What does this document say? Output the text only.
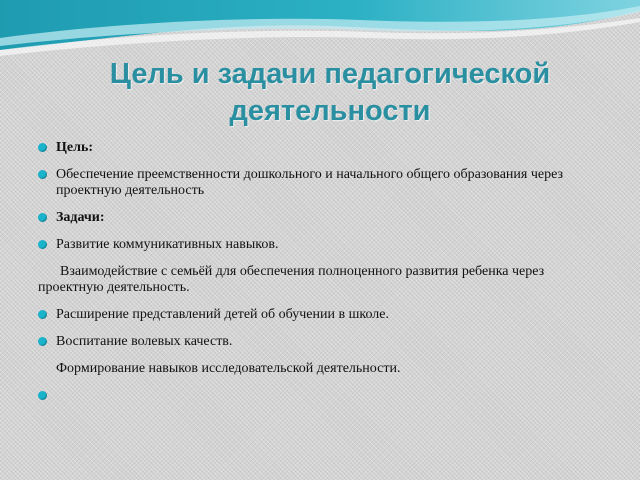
Цель и задачи педагогической деятельности
Цель:
Обеспечение преемственности дошкольного и начального общего образования через проектную деятельность
Задачи:
Развитие коммуникативных навыков.
Взаимодействие с семьёй для обеспечения полноценного развития ребенка через проектную деятельность.
Расширение представлений детей об обучении в школе.
Воспитание волевых качеств.
Формирование навыков исследовательской деятельности.
